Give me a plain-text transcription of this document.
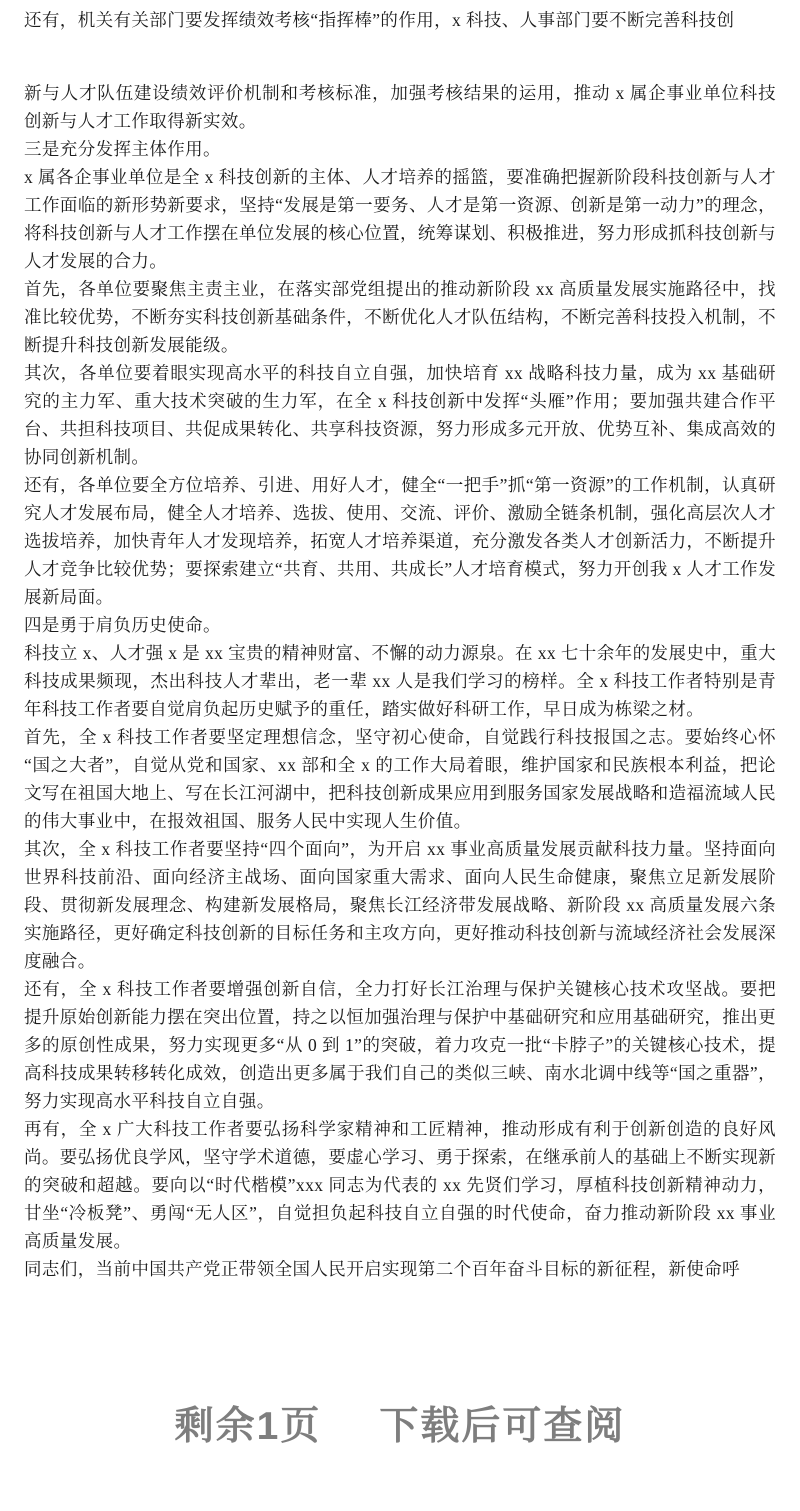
还有，机关有关部门要发挥绩效考核“指挥棒”的作用，x 科技、人事部门要不断完善科技创

新与人才队伍建设绩效评价机制和考核标准，加强考核结果的运用，推动 x 属企事业单位科技创新与人才工作取得新实效。

三是充分发挥主体作用。

x 属各企事业单位是全 x 科技创新的主体、人才培养的摇篮，要准确把握新阶段科技创新与人才工作面临的新形势新要求，坚持“发展是第一要务、人才是第一资源、创新是第一动力”的理念，将科技创新与人才工作摆在单位发展的核心位置，统筹谋划、积极推进，努力形成抓科技创新与人才发展的合力。

首先，各单位要聚焦主责主业，在落实部党组提出的推动新阶段 xx 高质量发展实施路径中，找准比较优势，不断夯实科技创新基础条件，不断优化人才队伍结构，不断完善科技投入机制，不断提升科技创新发展能级。

其次，各单位要着眼实现高水平的科技自立自强，加快培育 xx 战略科技力量，成为 xx 基础研究的主力军、重大技术突破的生力军，在全 x 科技创新中发挥“头雁”作用；要加强共建合作平台、共担科技项目、共促成果转化、共享科技资源，努力形成多元开放、优势互补、集成高效的协同创新机制。

还有，各单位要全方位培养、引进、用好人才，健全“一把手”抓“第一资源”的工作机制，认真研究人才发展布局，健全人才培养、选拔、使用、交流、评价、激励全链条机制，强化高层次人才选拔培养，加快青年人才发现培养，拓宽人才培养渠道，充分激发各类人才创新活力，不断提升人才竞争比较优势；要探索建立“共育、共用、共成长”人才培育模式，努力开创我 x 人才工作发展新局面。

四是勇于肩负历史使命。

科技立 x、人才强 x 是 xx 宝贵的精神财富、不懈的动力源泉。在 xx 七十余年的发展史中，重大科技成果频现，杰出科技人才辈出，老一辈 xx 人是我们学习的榜样。全 x 科技工作者特别是青年科技工作者要自觉肩负起历史赋予的重任，踏实做好科研工作，早日成为栋梁之材。

首先，全 x 科技工作者要坚定理想信念，坚守初心使命，自觉践行科技报国之志。要始终心怀“国之大者”，自觉从党和国家、xx 部和全 x 的工作大局着眼，维护国家和民族根本利益，把论文写在祖国大地上、写在长江河湖中，把科技创新成果应用到服务国家发展战略和造福流域人民的伟大事业中，在报效祖国、服务人民中实现人生价值。

其次，全 x 科技工作者要坚持“四个面向”，为开启 xx 事业高质量发展贡献科技力量。坚持面向世界科技前沿、面向经济主战场、面向国家重大需求、面向人民生命健康，聚焦立足新发展阶段、贯彻新发展理念、构建新发展格局，聚焦长江经济带发展战略、新阶段 xx 高质量发展六条实施路径，更好确定科技创新的目标任务和主攻方向，更好推动科技创新与流域经济社会发展深度融合。

还有，全 x 科技工作者要增强创新自信，全力打好长江治理与保护关键核心技术攻坚战。要把提升原始创新能力摆在突出位置，持之以恒加强治理与保护中基础研究和应用基础研究，推出更多的原创性成果，努力实现更多“从 0 到 1”的突破，着力攻克一批“卡脖子”的关键核心技术，提高科技成果转移转化成效，创造出更多属于我们自己的类似三峡、南水北调中线等“国之重器”，努力实现高水平科技自立自强。

再有，全 x 广大科技工作者要弘扬科学家精神和工匠精神，推动形成有利于创新创造的良好风尚。要弘扬优良学风，坚守学术道德，要虚心学习、勇于探索，在继承前人的基础上不断实现新的突破和超越。要向以“时代楷模”xxx 同志为代表的 xx 先贤们学习，厚植科技创新精神动力，甘坐“冷板凳”、勇闯“无人区”，自觉担负起科技自立自强的时代使命，奋力推动新阶段 xx 事业高质量发展。

同志们，当前中国共产党正带领全国人民开启实现第二个百年奋斗目标的新征程，新使命呼

剩余1页 下载后可查阅
